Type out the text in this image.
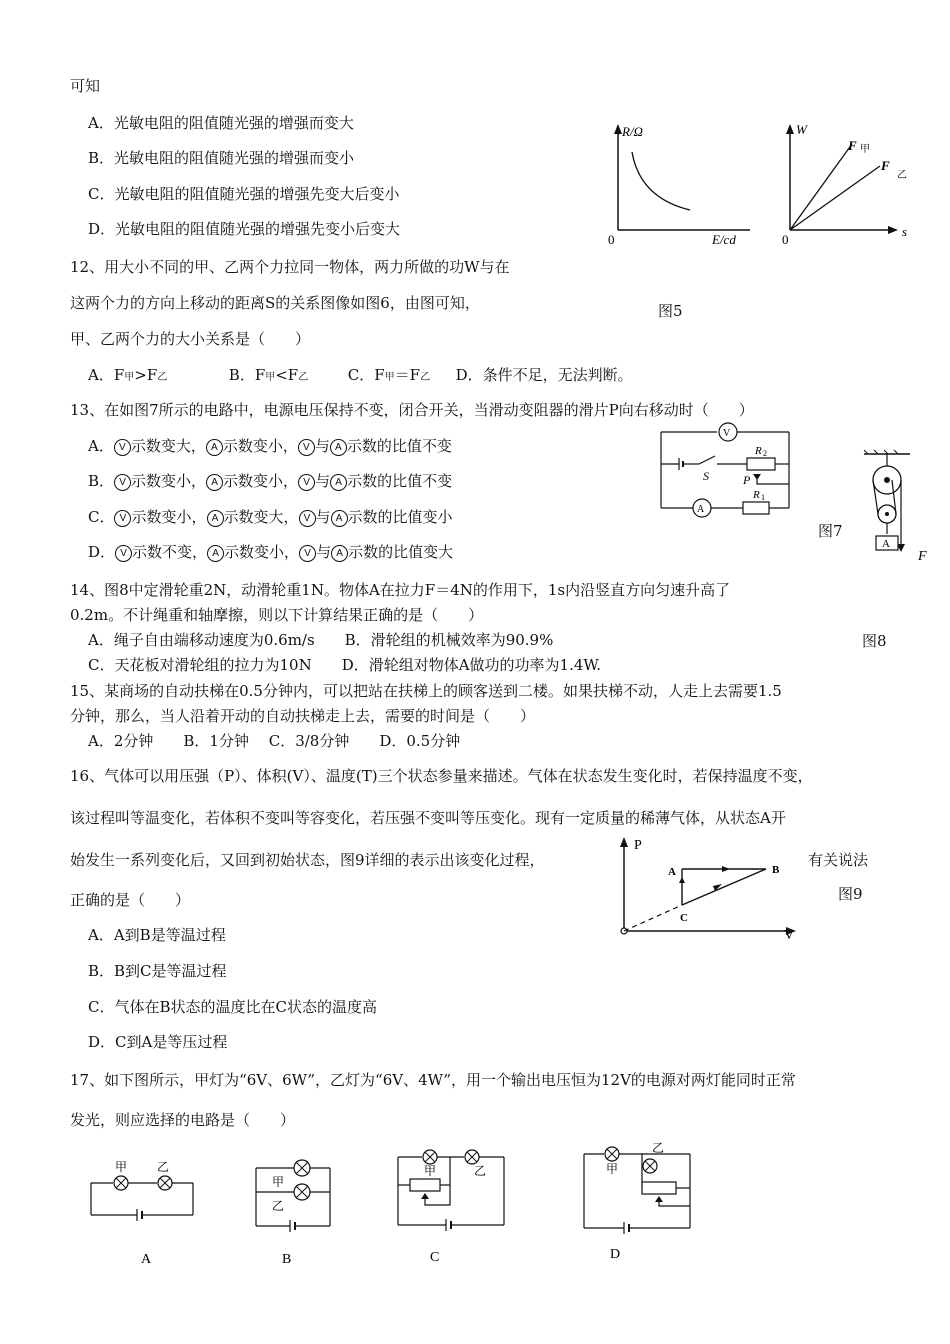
可知
A．光敏电阻的阻值随光强的增强而变大
B．光敏电阻的阻值随光强的增强而变小
C．光敏电阻的阻值随光强的增强先变大后变小
D．光敏电阻的阻值随光强的增强先变小后变大
12、用大小不同的甲、乙两个力拉同一物体，两力所做的功W与在
这两个力的方向上移动的距离S的关系图像如图6，由图可知，
甲、乙两个力的大小关系是（　　）
A．F甲>F乙	B．F甲<F乙	C．F甲＝F乙 D．条件不足，无法判断。
13、在如图7所示的电路中，电源电压保持不变，闭合开关，当滑动变阻器的滑片P向右移动时（　　）
A． V 示数变大， A 示数变小， V 与 A 示数的比值不变
B． V 示数变小， A 示数变小， V 与 A 示数的比值不变
C． V 示数变小， A 示数变大， V 与 A 示数的比值变小
D． V 示数不变， A 示数变小， V 与 A 示数的比值变大
14、图8中定滑轮重2N，动滑轮重1N。物体A在拉力F＝4N的作用下，1s内沿竖直方向匀速升高了
0.2m。不计绳重和轴摩擦，则以下计算结果正确的是（　　）
A．绳子自由端移动速度为0.6m/s　　B．滑轮组的机械效率为90.9%
C．天花板对滑轮组的拉力为10N　　D．滑轮组对物体A做功的功率为1.4W.
15、某商场的自动扶梯在0.5分钟内，可以把站在扶梯上的顾客送到二楼。如果扶梯不动，人走上去需要1.5
分钟，那么，当人沿着开动的自动扶梯走上去，需要的时间是（　　）
A．2分钟　　B．1分钟　 C．3/8分钟　　D．0.5分钟
16、气体可以用压强（P）、体积(V）、温度(T)三个状态参量来描述。气体在状态发生变化时，若保持温度不变，
该过程叫等温变化，若体积不变叫等容变化，若压强不变叫等压变化。现有一定质量的稀薄气体，从状态A开
始发生一系列变化后，又回到初始状态，图9详细的表示出该变化过程，	有关说法
正确的是（　　）
A．A到B是等温过程
B．B到C是等温过程
C．气体在B状态的温度比在C状态的温度高
D．C到A是等压过程
17、如下图所示，甲灯为“6V、6W”，乙灯为“6V、4W”，用一个输出电压恒为12V的电源对两灯能同时正常
发光，则应选择的电路是（　　）
R/Ω
E/cd
0
W
s
0
F 甲
F
乙
图5
V
A
R 2
R 1
S	P
图7
A
F
图8
P
V
A	B
C
图9
甲 乙
A
甲
乙
B
甲	乙
C
甲
乙
D
